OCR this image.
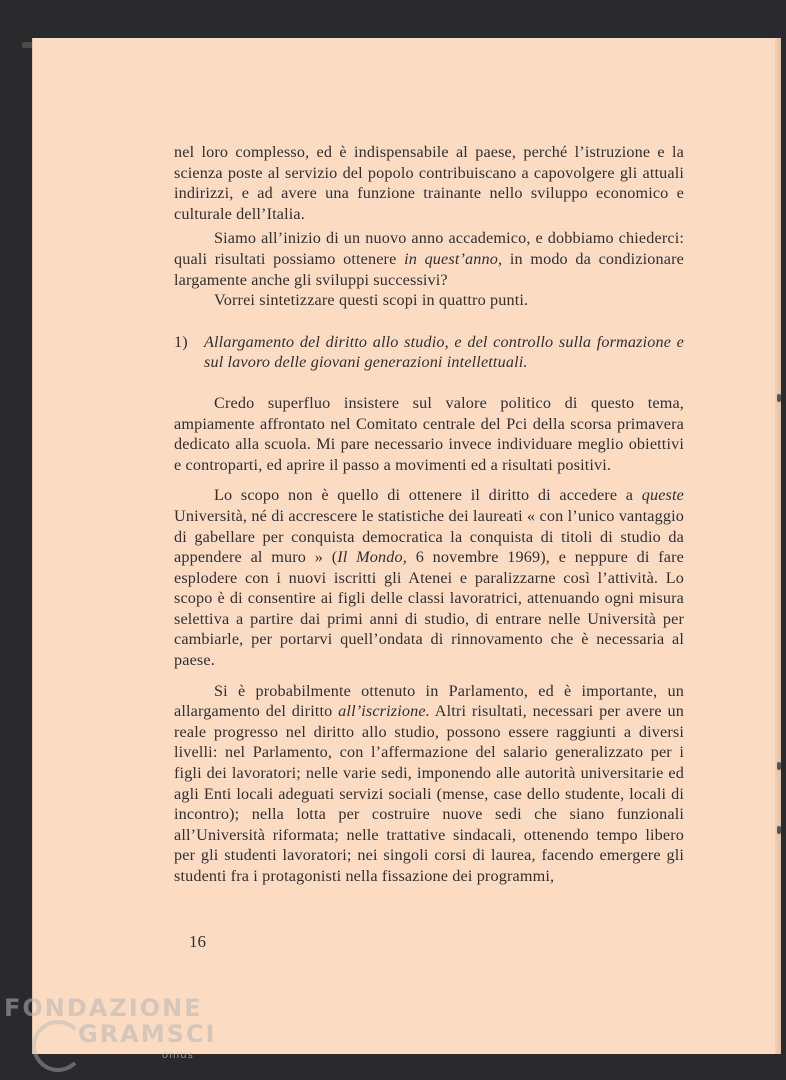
nel loro complesso, ed è indispensabile al paese, perché l’istruzione e la scienza poste al servizio del popolo contribuiscano a capovolgere gli attuali indirizzi, e ad avere una funzione trainante nello sviluppo economico e culturale dell’Italia.

Siamo all’inizio di un nuovo anno accademico, e dobbiamo chiederci: quali risultati possiamo ottenere in quest’anno, in modo da condizionare largamente anche gli sviluppi successivi?

Vorrei sintetizzare questi scopi in quattro punti.

1) Allargamento del diritto allo studio, e del controllo sulla formazione e sul lavoro delle giovani generazioni intellettuali.

Credo superfluo insistere sul valore politico di questo tema, ampiamente affrontato nel Comitato centrale del Pci della scorsa primavera dedicato alla scuola. Mi pare necessario invece individuare meglio obiettivi e controparti, ed aprire il passo a movimenti ed a risultati positivi.

Lo scopo non è quello di ottenere il diritto di accedere a queste Università, né di accrescere le statistiche dei laureati « con l’unico vantaggio di gabellare per conquista democratica la conquista di titoli di studio da appendere al muro » (Il Mondo, 6 novembre 1969), e neppure di fare esplodere con i nuovi iscritti gli Atenei e paralizzarne così l’attività. Lo scopo è di consentire ai figli delle classi lavoratrici, attenuando ogni misura selettiva a partire dai primi anni di studio, di entrare nelle Università per cambiarle, per portarvi quell’ondata di rinnovamento che è necessaria al paese.

Si è probabilmente ottenuto in Parlamento, ed è importante, un allargamento del diritto all’iscrizione. Altri risultati, necessari per avere un reale progresso nel diritto allo studio, possono essere raggiunti a diversi livelli: nel Parlamento, con l’affermazione del salario generalizzato per i figli dei lavoratori; nelle varie sedi, imponendo alle autorità universitarie ed agli Enti locali adeguati servizi sociali (mense, case dello studente, locali di incontro); nella lotta per costruire nuove sedi che siano funzionali all’Università riformata; nelle trattative sindacali, ottenendo tempo libero per gli studenti lavoratori; nei singoli corsi di laurea, facendo emergere gli studenti fra i protagonisti nella fissazione dei programmi,

16
FONDAZIONE
GRAMSCI
onlus
